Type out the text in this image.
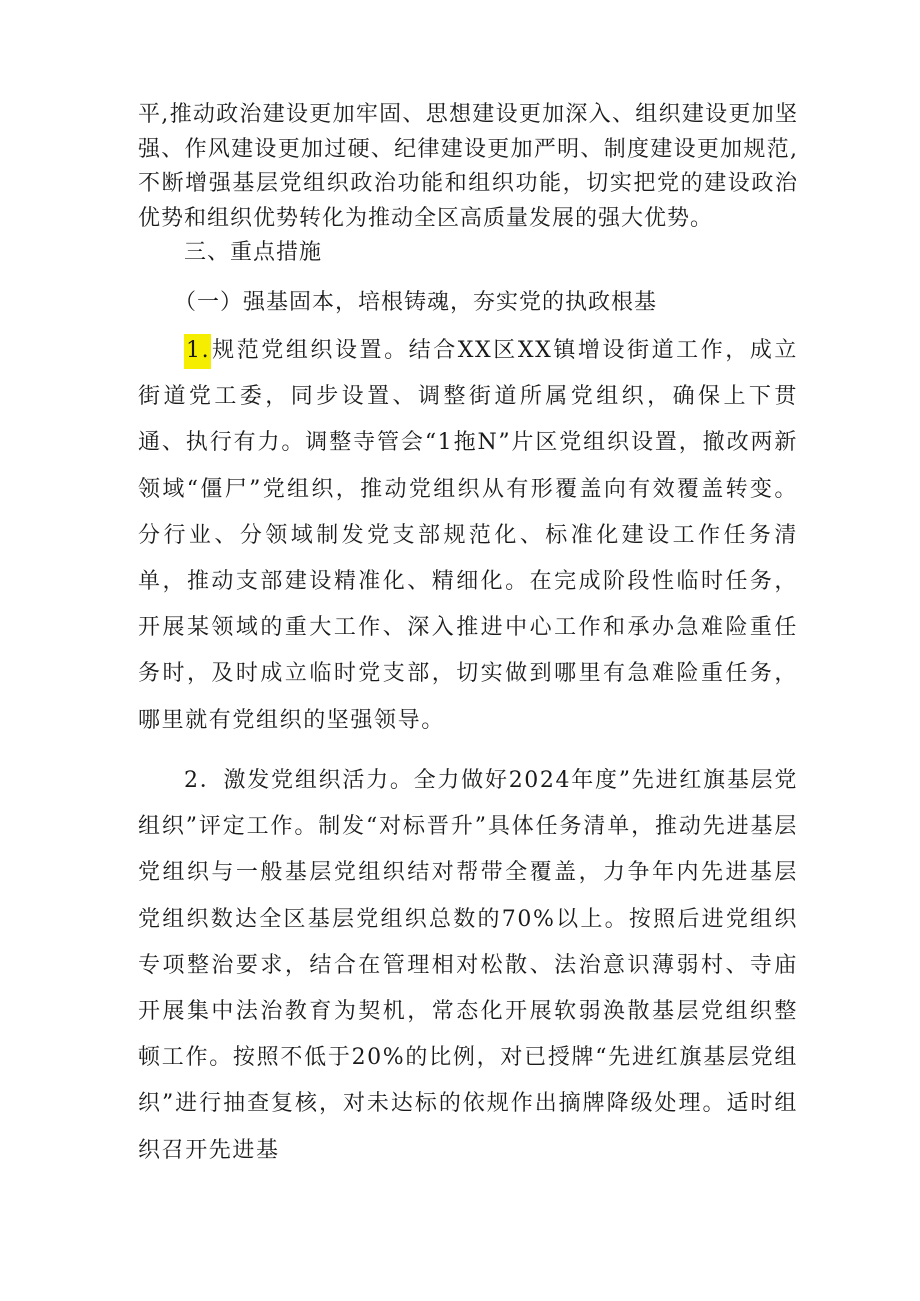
平,推动政治建设更加牢固、思想建设更加深入、组织建设更加坚强、作风建设更加过硬、纪律建设更加严明、制度建设更加规范,不断增强基层党组织政治功能和组织功能，切实把党的建设政治优势和组织优势转化为推动全区高质量发展的强大优势。

三、重点措施

（一）强基固本，培根铸魂，夯实党的执政根基

1.规范党组织设置。结合XX区XX镇增设街道工作，成立街道党工委，同步设置、调整街道所属党组织，确保上下贯通、执行有力。调整寺管会“1拖N”片区党组织设置，撤改两新领域“僵尸”党组织，推动党组织从有形覆盖向有效覆盖转变。分行业、分领域制发党支部规范化、标准化建设工作任务清单，推动支部建设精准化、精细化。在完成阶段性临时任务，开展某领域的重大工作、深入推进中心工作和承办急难险重任务时，及时成立临时党支部，切实做到哪里有急难险重任务，哪里就有党组织的坚强领导。

2．激发党组织活力。全力做好2024年度”先进红旗基层党组织”评定工作。制发“对标晋升”具体任务清单，推动先进基层党组织与一般基层党组织结对帮带全覆盖，力争年内先进基层党组织数达全区基层党组织总数的70%以上。按照后进党组织专项整治要求，结合在管理相对松散、法治意识薄弱村、寺庙开展集中法治教育为契机，常态化开展软弱涣散基层党组织整顿工作。按照不低于20%的比例，对已授牌“先进红旗基层党组织”进行抽查复核，对未达标的依规作出摘牌降级处理。适时组织召开先进基
